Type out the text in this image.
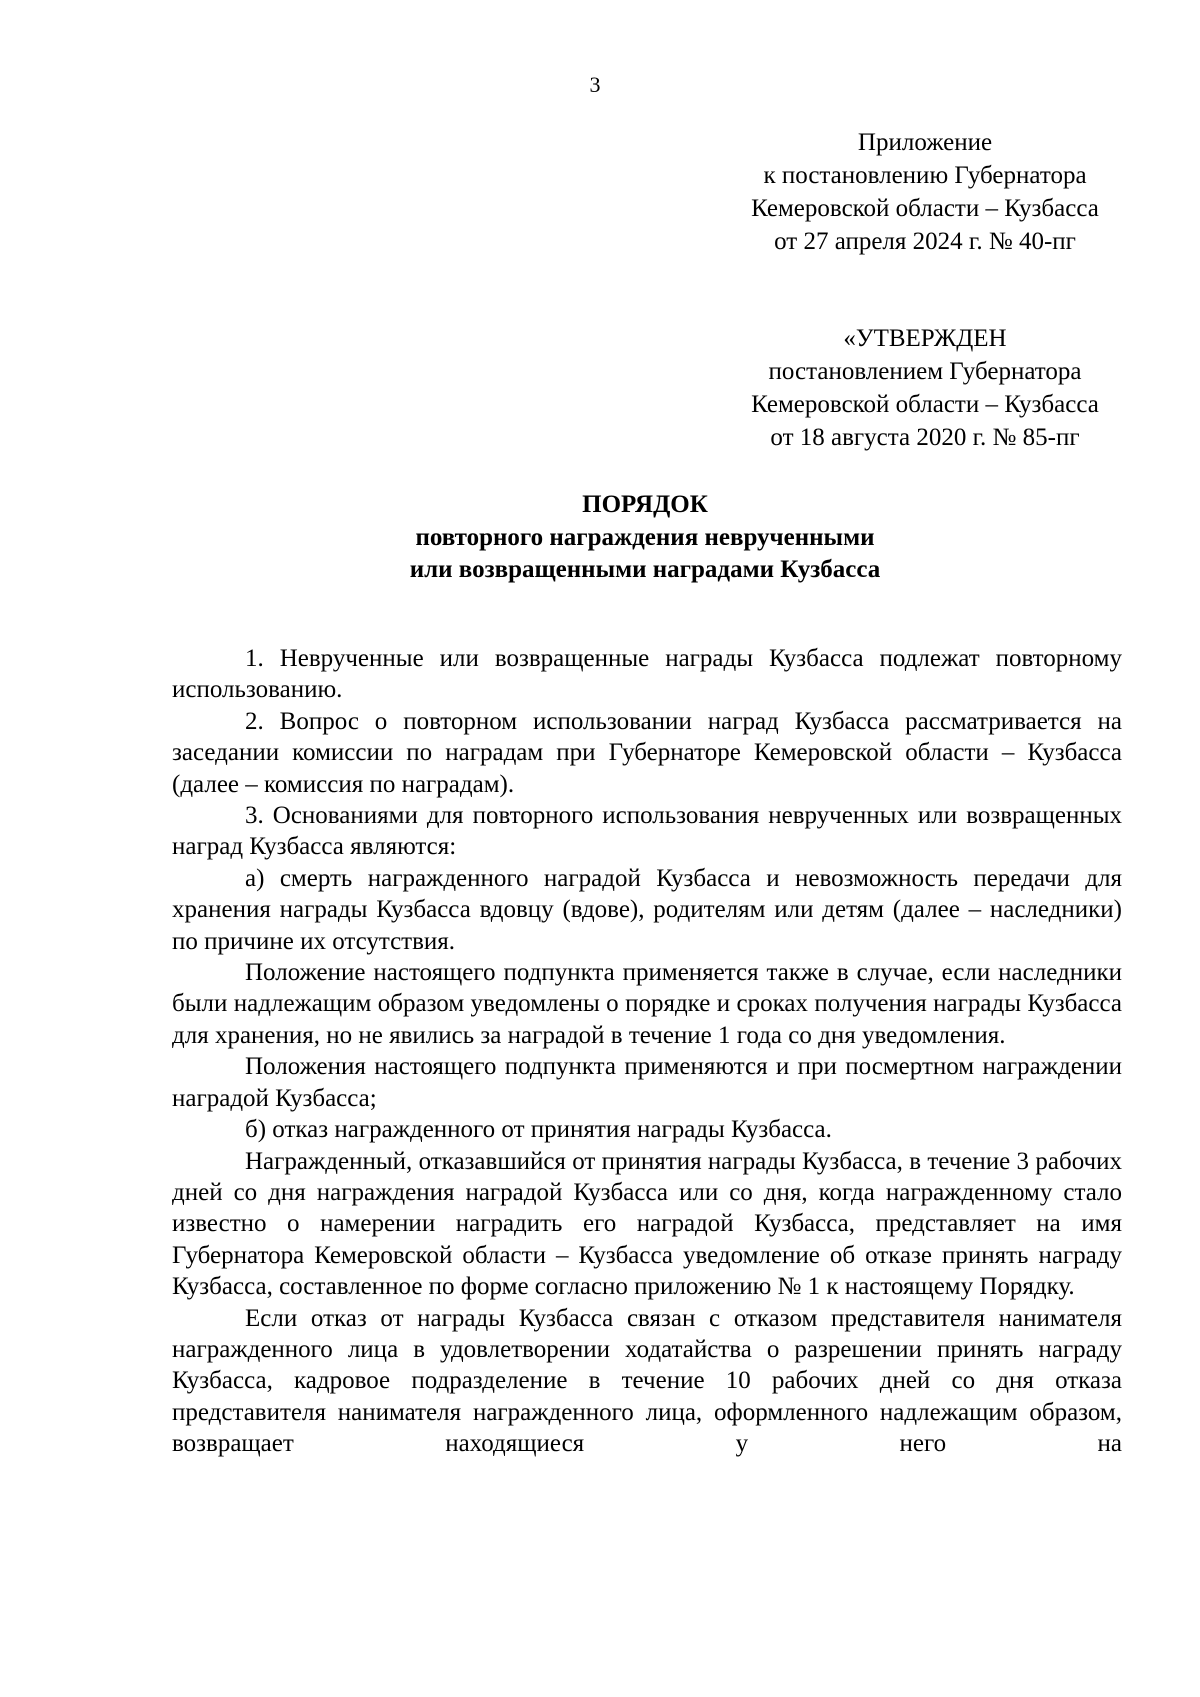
3
Приложение
к постановлению Губернатора
Кемеровской области – Кузбасса
от 27 апреля 2024 г. № 40-пг
«УТВЕРЖДЕН
постановлением Губернатора
Кемеровской области – Кузбасса
от 18 августа 2020 г. № 85-пг
ПОРЯДОК
повторного награждения неврученными
или возвращенными наградами Кузбасса

1. Неврученные или возвращенные награды Кузбасса подлежат повторному использованию.

2. Вопрос о повторном использовании наград Кузбасса рассматривается на заседании комиссии по наградам при Губернаторе Кемеровской области – Кузбасса (далее – комиссия по наградам).

3. Основаниями для повторного использования неврученных или возвращенных наград Кузбасса являются:

а) смерть награжденного наградой Кузбасса и невозможность передачи для хранения награды Кузбасса вдовцу (вдове), родителям или детям (далее – наследники) по причине их отсутствия.

Положение настоящего подпункта применяется также в случае, если наследники были надлежащим образом уведомлены о порядке и сроках получения награды Кузбасса для хранения, но не явились за наградой в течение 1 года со дня уведомления.

Положения настоящего подпункта применяются и при посмертном награждении наградой Кузбасса;

б) отказ награжденного от принятия награды Кузбасса.

Награжденный, отказавшийся от принятия награды Кузбасса, в течение 3 рабочих дней со дня награждения наградой Кузбасса или со дня, когда награжденному стало известно о намерении наградить его наградой Кузбасса, представляет на имя Губернатора Кемеровской области – Кузбасса уведомление об отказе принять награду Кузбасса, составленное по форме согласно приложению № 1 к настоящему Порядку.

Если отказ от награды Кузбасса связан с отказом представителя нанимателя награжденного лица в удовлетворении ходатайства о разрешении принять награду Кузбасса, кадровое подразделение в течение 10 рабочих дней со дня отказа представителя нанимателя награжденного лица, оформленного надлежащим образом, возвращает находящиеся у него на
